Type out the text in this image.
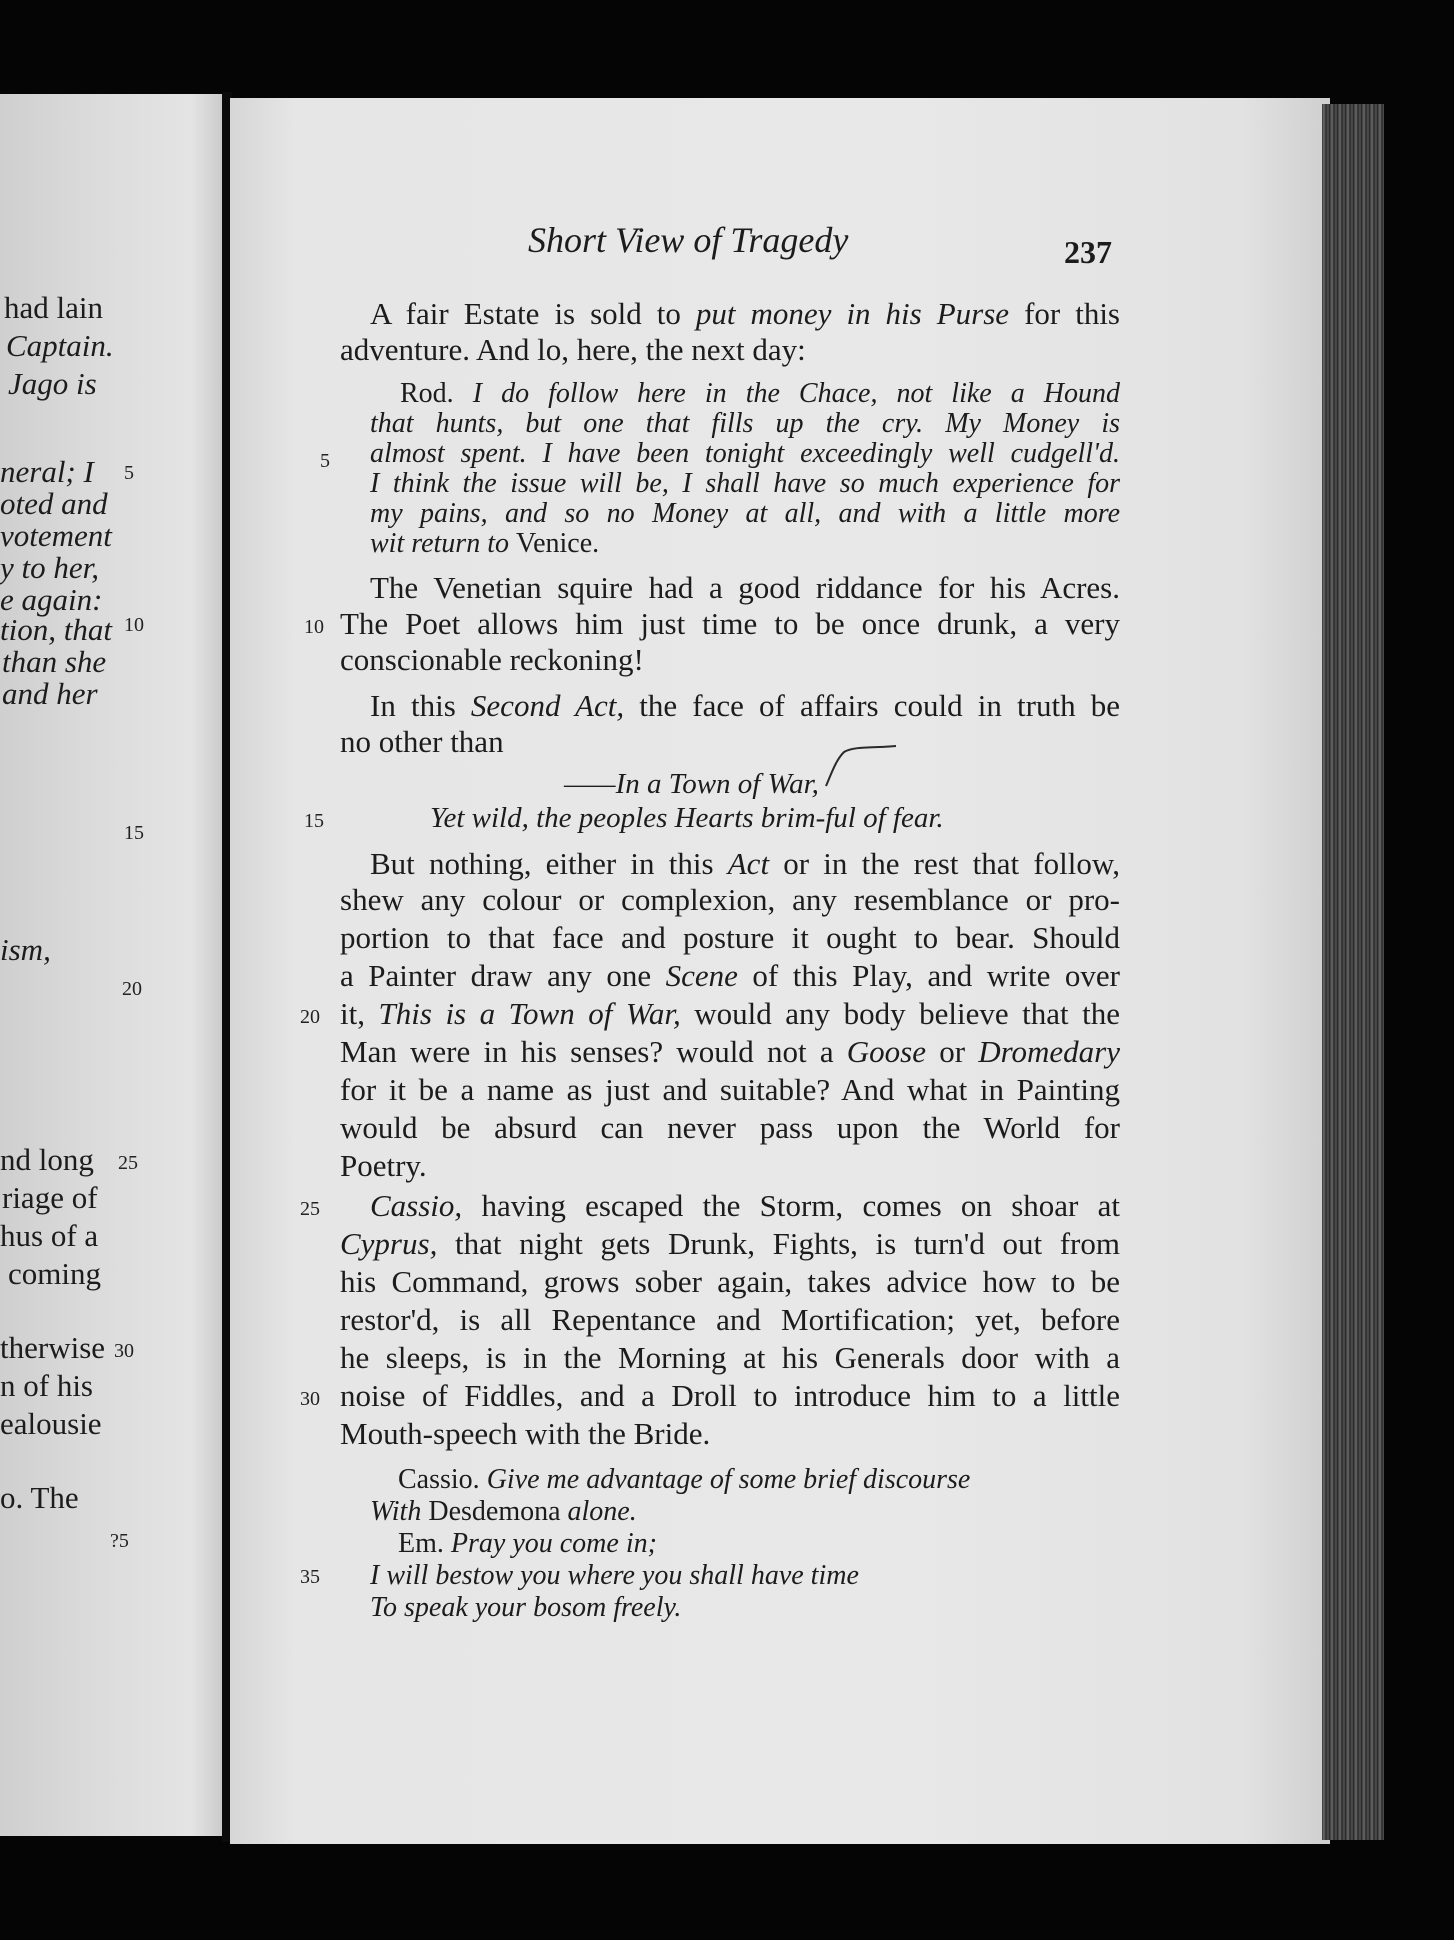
had lain
Captain.
Jago is
neral; I
oted and
votement
y to her,
e again:
tion, that
than she
and her
ism,
nd long
riage of
hus of a
coming
therwise
n of his
ealousie
o. The
5
10
15
20
25
30
?5
Short View of Tragedy	237
A fair Estate is sold to put money in his Purse for this
adventure. And lo, here, the next day:
Rod. I do follow here in the Chace, not like a Hound
that hunts, but one that fills up the cry. My Money is
almost spent. I have been tonight exceedingly well cudgell'd.
I think the issue will be, I shall have so much experience for
my pains, and so no Money at all, and with a little more
wit return to Venice.
The Venetian squire had a good riddance for his Acres.
The Poet allows him just time to be once drunk, a very
conscionable reckoning!
In this Second Act, the face of affairs could in truth be
no other than
——In a Town of War,
Yet wild, the peoples Hearts brim-ful of fear.
But nothing, either in this Act or in the rest that follow,
shew any colour or complexion, any resemblance or pro-
portion to that face and posture it ought to bear. Should
a Painter draw any one Scene of this Play, and write over
it, This is a Town of War, would any body believe that the
Man were in his senses? would not a Goose or Dromedary
for it be a name as just and suitable? And what in Painting
would be absurd can never pass upon the World for
Poetry.
Cassio, having escaped the Storm, comes on shoar at
Cyprus, that night gets Drunk, Fights, is turn'd out from
his Command, grows sober again, takes advice how to be
restor'd, is all Repentance and Mortification; yet, before
he sleeps, is in the Morning at his Generals door with a
noise of Fiddles, and a Droll to introduce him to a little
Mouth-speech with the Bride.
Cassio. Give me advantage of some brief discourse
With Desdemona alone.
Em. Pray you come in;
I will bestow you where you shall have time
To speak your bosom freely.
5
10
15
20
25
30
35
